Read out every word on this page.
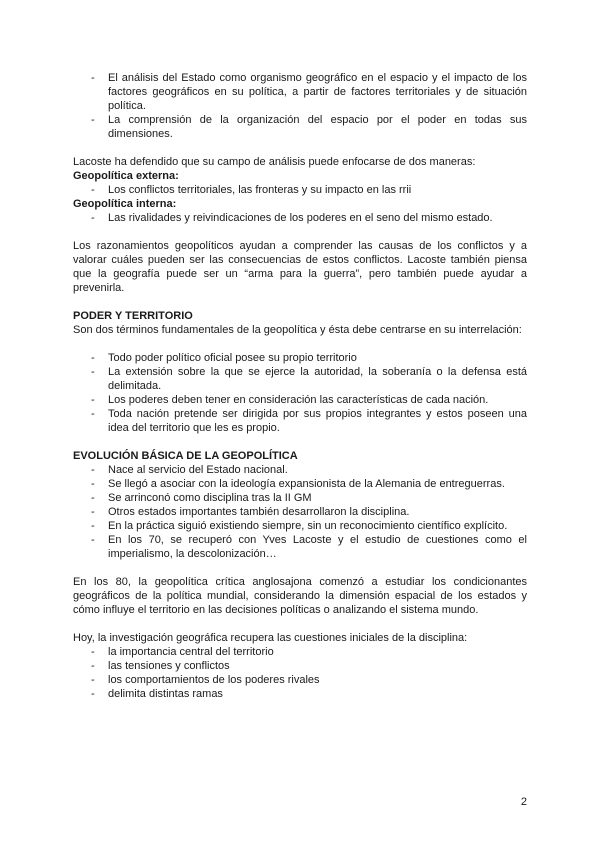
- El análisis del Estado como organismo geográfico en el espacio y el impacto de los factores geográficos en su política, a partir de factores territoriales y de situación política.
- La comprensión de la organización del espacio por el poder en todas sus dimensiones.

Lacoste ha defendido que su campo de análisis puede enfocarse de dos maneras:

Geopolítica externa:
- Los conflictos territoriales, las fronteras y su impacto en las rrii
Geopolítica interna:
- Las rivalidades y reivindicaciones de los poderes en el seno del mismo estado.

Los razonamientos geopolíticos ayudan a comprender las causas de los conflictos y a valorar cuáles pueden ser las consecuencias de estos conflictos. Lacoste también piensa que la geografía puede ser un “arma para la guerra”, pero también puede ayudar a prevenirla.

PODER Y TERRITORIO

Son dos términos fundamentales de la geopolítica y ésta debe centrarse en su interrelación:

- Todo poder político oficial posee su propio territorio
- La extensión sobre la que se ejerce la autoridad, la soberanía o la defensa está delimitada.
- Los poderes deben tener en consideración las características de cada nación.
- Toda nación pretende ser dirigida por sus propios integrantes y estos poseen una idea del territorio que les es propio.
EVOLUCIÓN BÁSICA DE LA GEOPOLÍTICA
- Nace al servicio del Estado nacional.
- Se llegó a asociar con la ideología expansionista de la Alemania de entreguerras.
- Se arrinconó como disciplina tras la II GM
- Otros estados importantes también desarrollaron la disciplina.
- En la práctica siguió existiendo siempre, sin un reconocimiento científico explícito.
- En los 70, se recuperó con Yves Lacoste y el estudio de cuestiones como el imperialismo, la descolonización…

En los 80, la geopolítica crítica anglosajona comenzó a estudiar los condicionantes geográficos de la política mundial, considerando la dimensión espacial de los estados y cómo influye el territorio en las decisiones políticas o analizando el sistema mundo.

Hoy, la investigación geográfica recupera las cuestiones iniciales de la disciplina:

- la importancia central del territorio
- las tensiones y conflictos
- los comportamientos de los poderes rivales
- delimita distintas ramas
2
